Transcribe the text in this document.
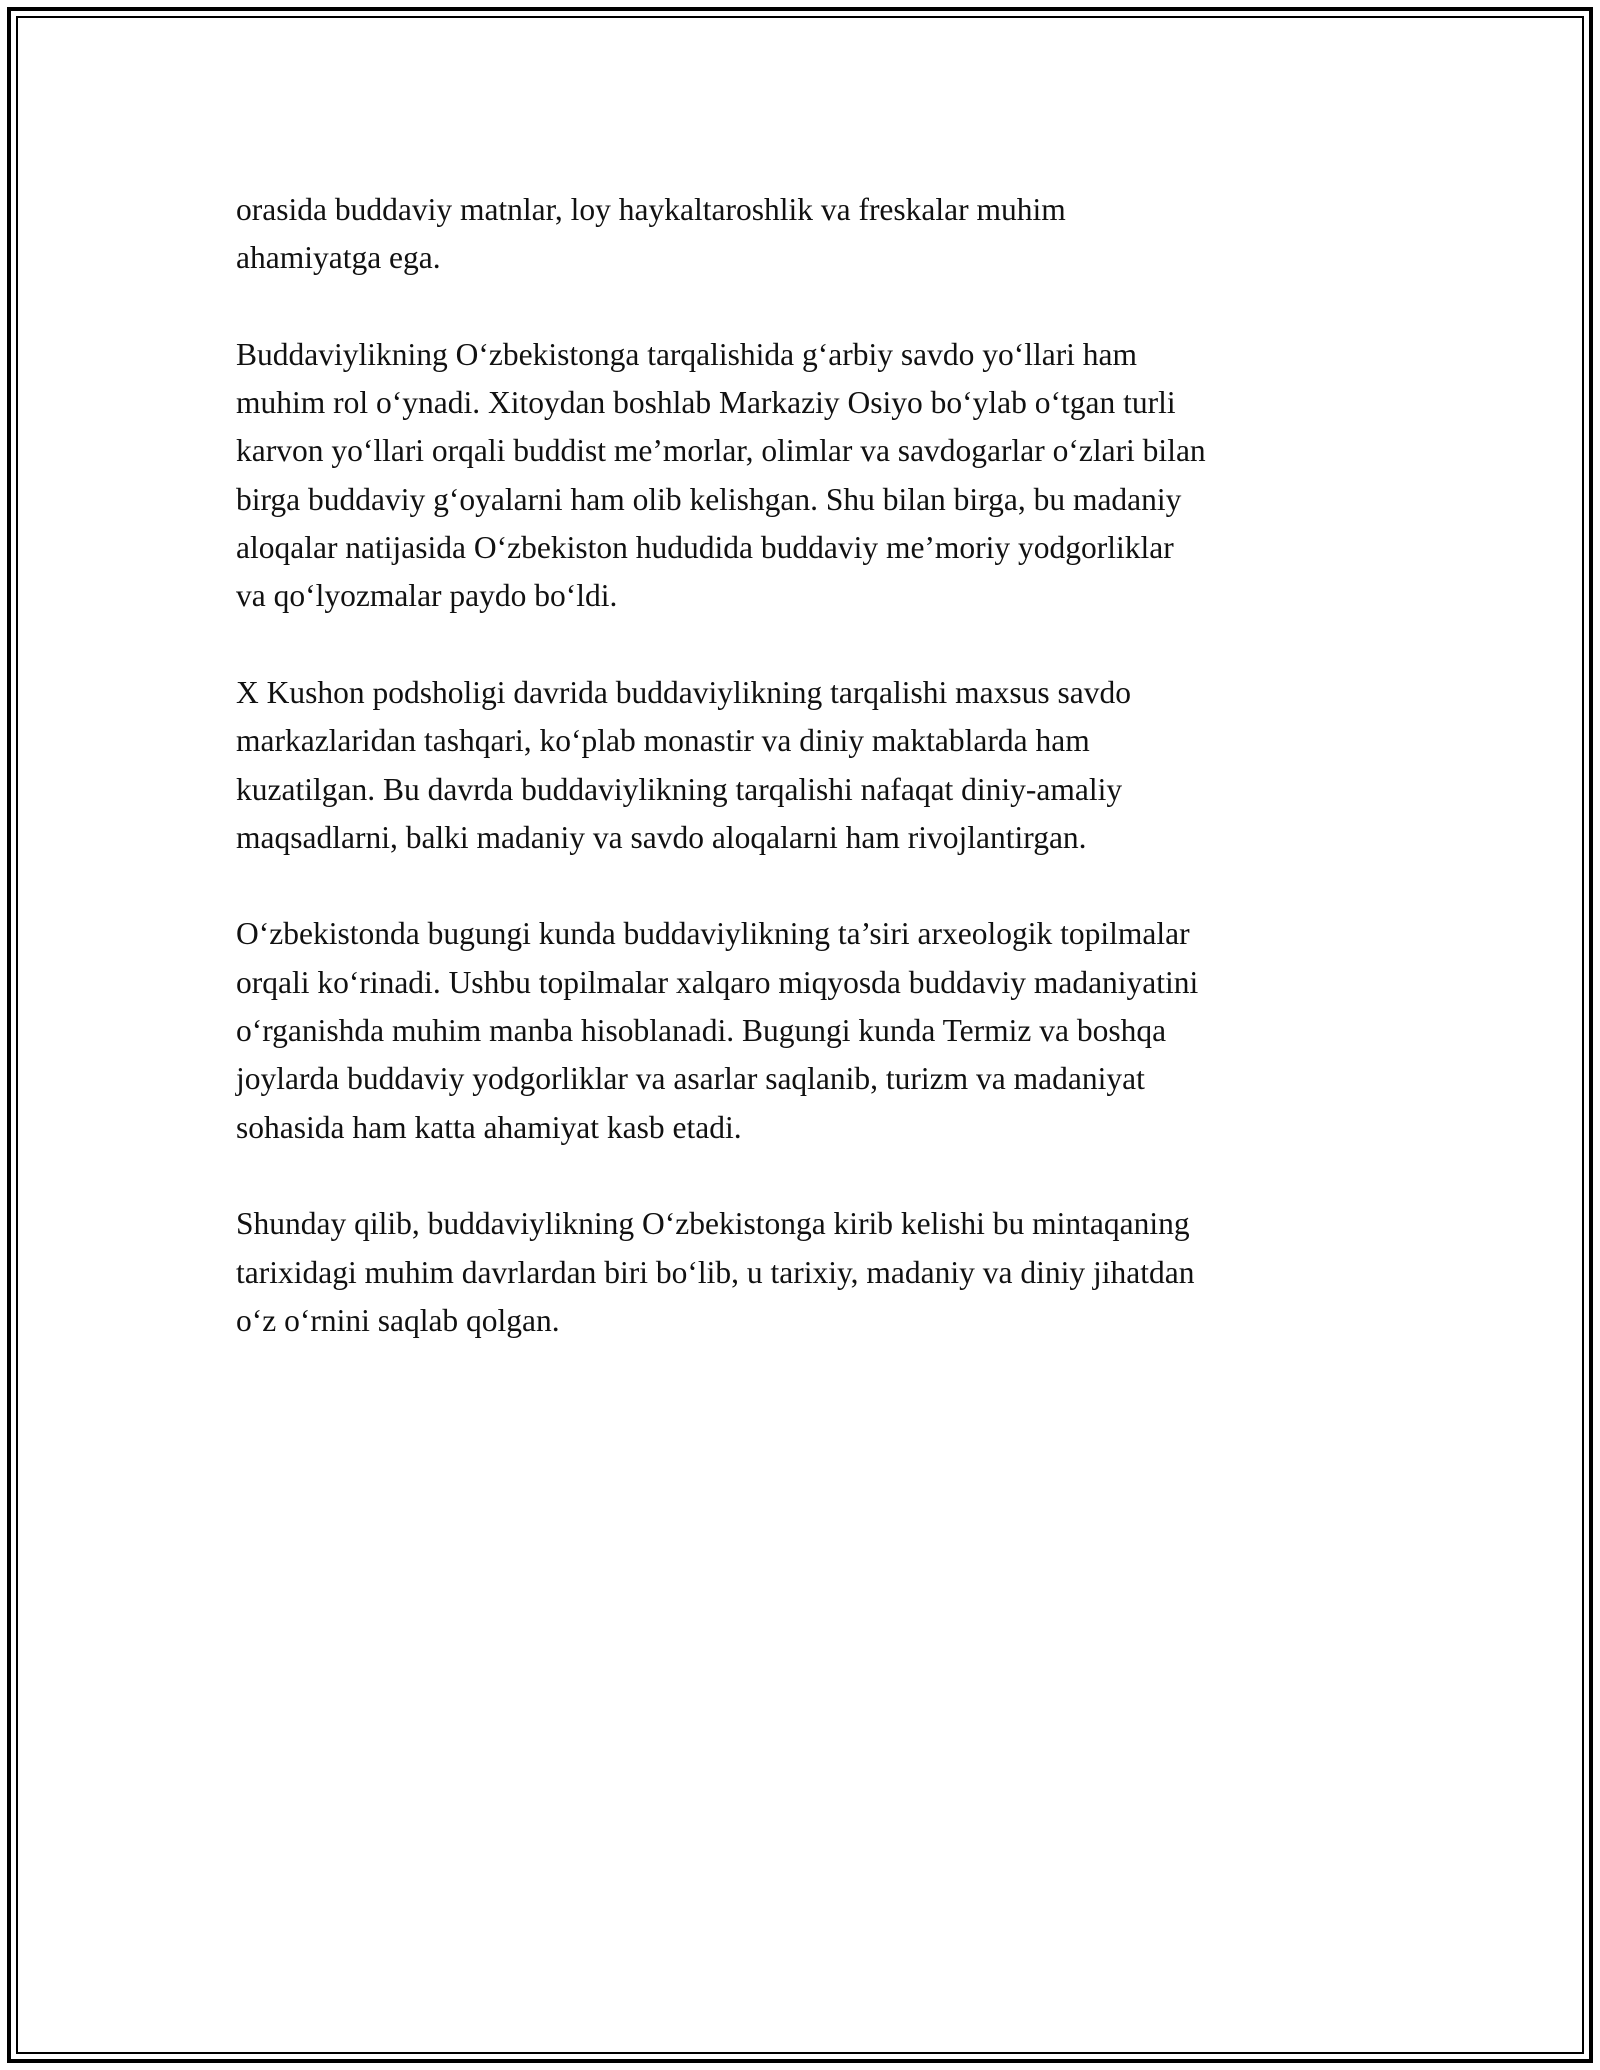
orasida buddaviy matnlar, loy haykaltaroshlik va freskalar muhim
ahamiyatga ega.

Buddaviylikning O‘zbekistonga tarqalishida g‘arbiy savdo yo‘llari ham
muhim rol o‘ynadi. Xitoydan boshlab Markaziy Osiyo bo‘ylab o‘tgan turli
karvon yo‘llari orqali buddist me’morlar, olimlar va savdogarlar o‘zlari bilan
birga buddaviy g‘oyalarni ham olib kelishgan. Shu bilan birga, bu madaniy
aloqalar natijasida O‘zbekiston hududida buddaviy me’moriy yodgorliklar
va qo‘lyozmalar paydo bo‘ldi.

X Kushon podsholigi davrida buddaviylikning tarqalishi maxsus savdo
markazlaridan tashqari, ko‘plab monastir va diniy maktablarda ham
kuzatilgan. Bu davrda buddaviylikning tarqalishi nafaqat diniy-amaliy
maqsadlarni, balki madaniy va savdo aloqalarni ham rivojlantirgan.

O‘zbekistonda bugungi kunda buddaviylikning ta’siri arxeologik topilmalar
orqali ko‘rinadi. Ushbu topilmalar xalqaro miqyosda buddaviy madaniyatini
o‘rganishda muhim manba hisoblanadi. Bugungi kunda Termiz va boshqa
joylarda buddaviy yodgorliklar va asarlar saqlanib, turizm va madaniyat
sohasida ham katta ahamiyat kasb etadi.

Shunday qilib, buddaviylikning O‘zbekistonga kirib kelishi bu mintaqaning
tarixidagi muhim davrlardan biri bo‘lib, u tarixiy, madaniy va diniy jihatdan
o‘z o‘rnini saqlab qolgan.
